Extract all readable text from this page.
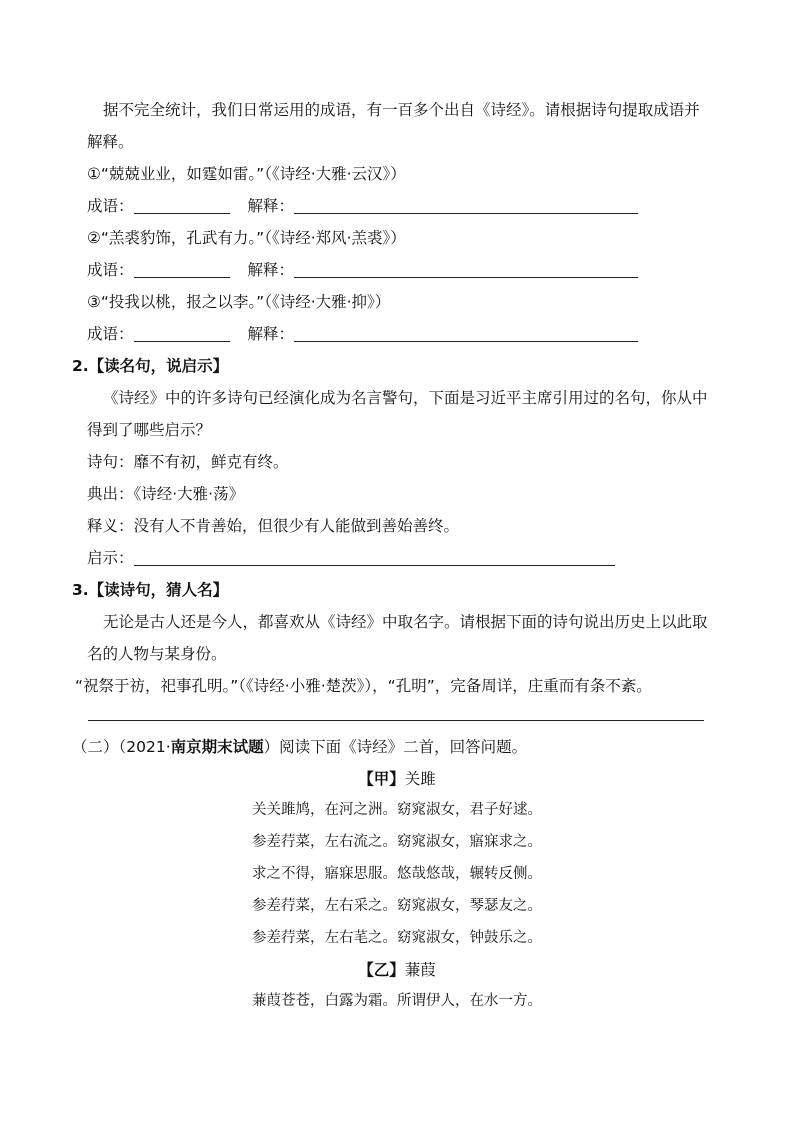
据不完全统计，我们日常运用的成语，有一百多个出自《诗经》。请根据诗句提取成语并
解释。
①“兢兢业业，如霆如雷。”（《诗经·大雅·云汉》）
成语：	解释：
②“羔裘豹饰，孔武有力。”（《诗经·郑风·羔裘》）
成语：	解释：
③“投我以桃，报之以李。”（《诗经·大雅·抑》）
成语：	解释：
2.【读名句，说启示】
《诗经》中的许多诗句已经演化成为名言警句，下面是习近平主席引用过的名句，你从中
得到了哪些启示？
诗句：靡不有初，鲜克有终。
典出：《诗经·大雅·荡》
释义：没有人不肯善始，但很少有人能做到善始善终。
启示：
3.【读诗句，猜人名】
无论是古人还是今人，都喜欢从《诗经》中取名字。请根据下面的诗句说出历史上以此取
名的人物与某身份。
“祝祭于祊，祀事孔明。”（《诗经·小雅·楚茨》），“孔明”，完备周详，庄重而有条不紊。
（二）（2021·南京期末试题）阅读下面《诗经》二首，回答问题。
【甲】关雎
关关雎鸠，在河之洲。窈窕淑女，君子好逑。
参差荇菜，左右流之。窈窕淑女，寤寐求之。
求之不得，寤寐思服。悠哉悠哉，辗转反侧。
参差荇菜，左右采之。窈窕淑女，琴瑟友之。
参差荇菜，左右芼之。窈窕淑女，钟鼓乐之。
【乙】蒹葭
蒹葭苍苍，白露为霜。所谓伊人，在水一方。
